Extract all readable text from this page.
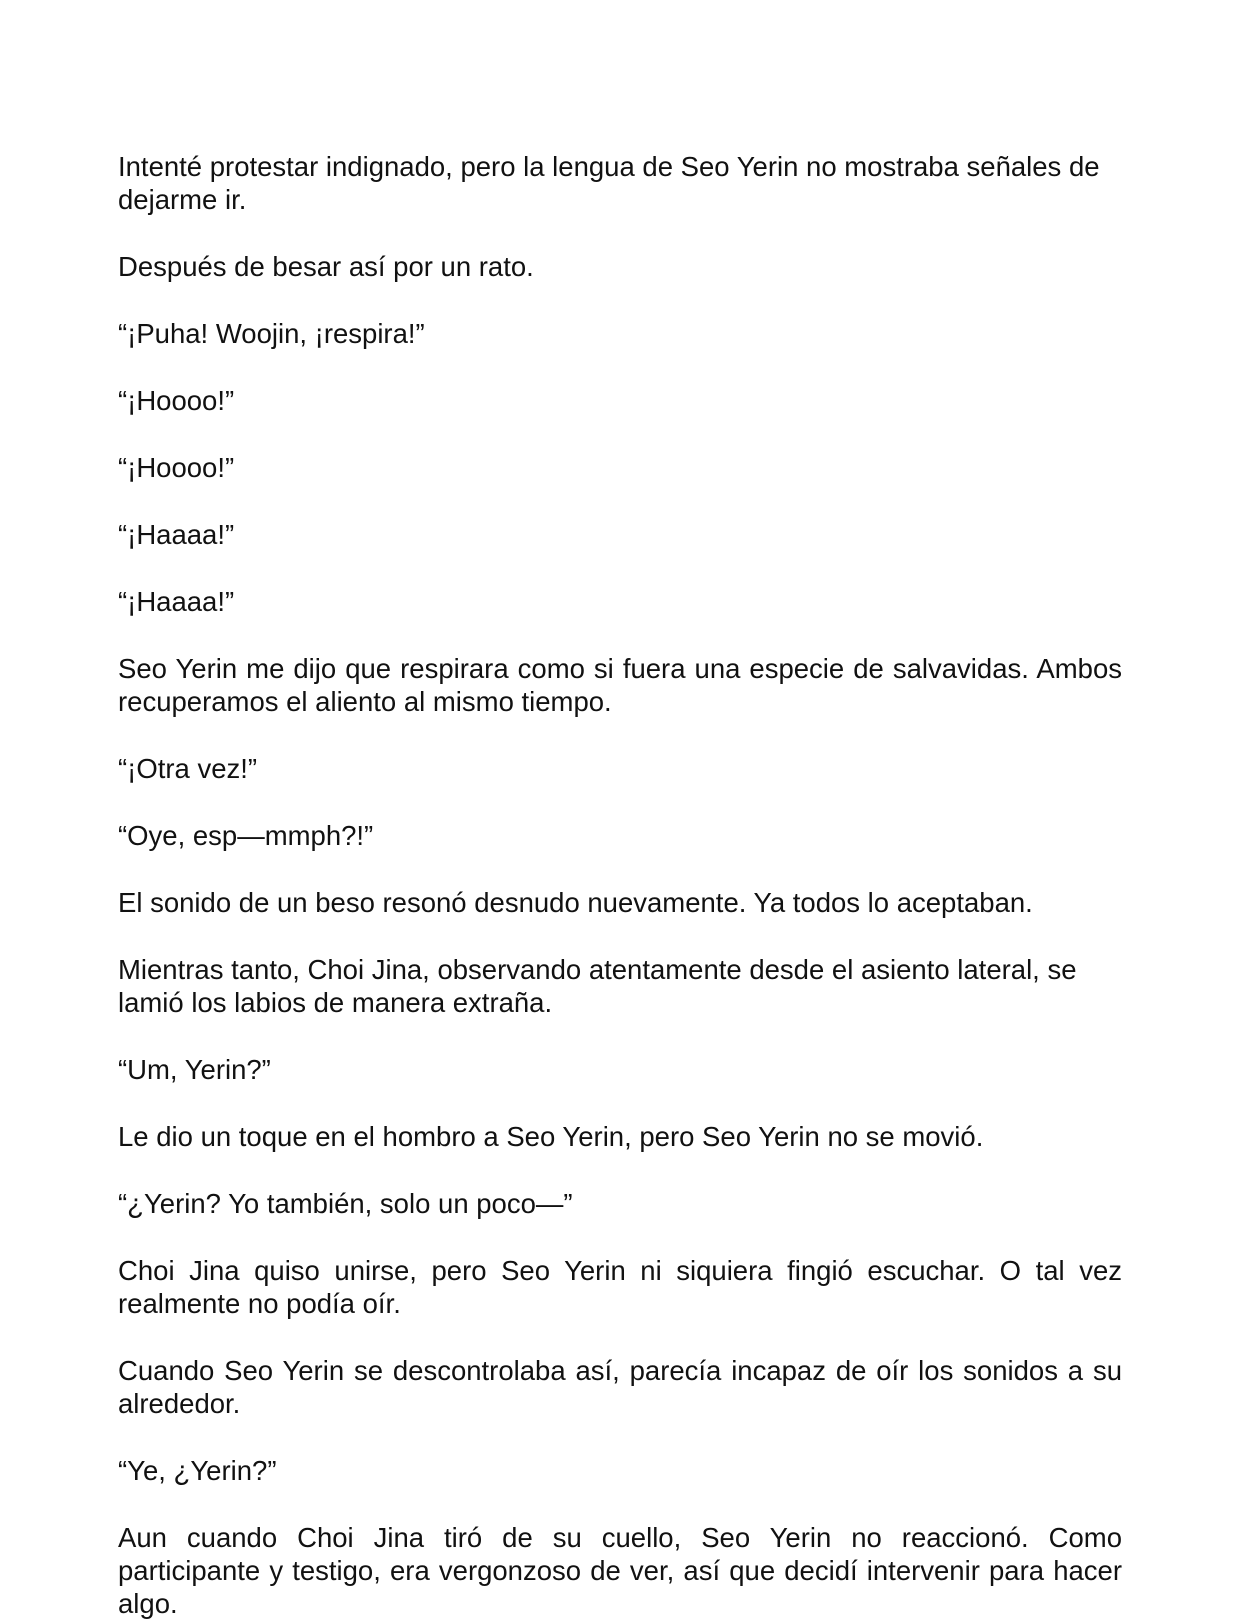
Intenté protestar indignado, pero la lengua de Seo Yerin no mostraba señales de dejarme ir.

Después de besar así por un rato.

“¡Puha! Woojin, ¡respira!”

“¡Hoooo!”

“¡Hoooo!”

“¡Haaaa!”

“¡Haaaa!”

Seo Yerin me dijo que respirara como si fuera una especie de salvavidas. Ambos recuperamos el aliento al mismo tiempo.

“¡Otra vez!”

“Oye, esp—mmph?!”

El sonido de un beso resonó desnudo nuevamente. Ya todos lo aceptaban.

Mientras tanto, Choi Jina, observando atentamente desde el asiento lateral, se lamió los labios de manera extraña.

“Um, Yerin?”

Le dio un toque en el hombro a Seo Yerin, pero Seo Yerin no se movió.

“¿Yerin? Yo también, solo un poco—”

Choi Jina quiso unirse, pero Seo Yerin ni siquiera fingió escuchar. O tal vez realmente no podía oír.

Cuando Seo Yerin se descontrolaba así, parecía incapaz de oír los sonidos a su alrededor.

“Ye, ¿Yerin?”

Aun cuando Choi Jina tiró de su cuello, Seo Yerin no reaccionó. Como participante y testigo, era vergonzoso de ver, así que decidí intervenir para hacer algo.
